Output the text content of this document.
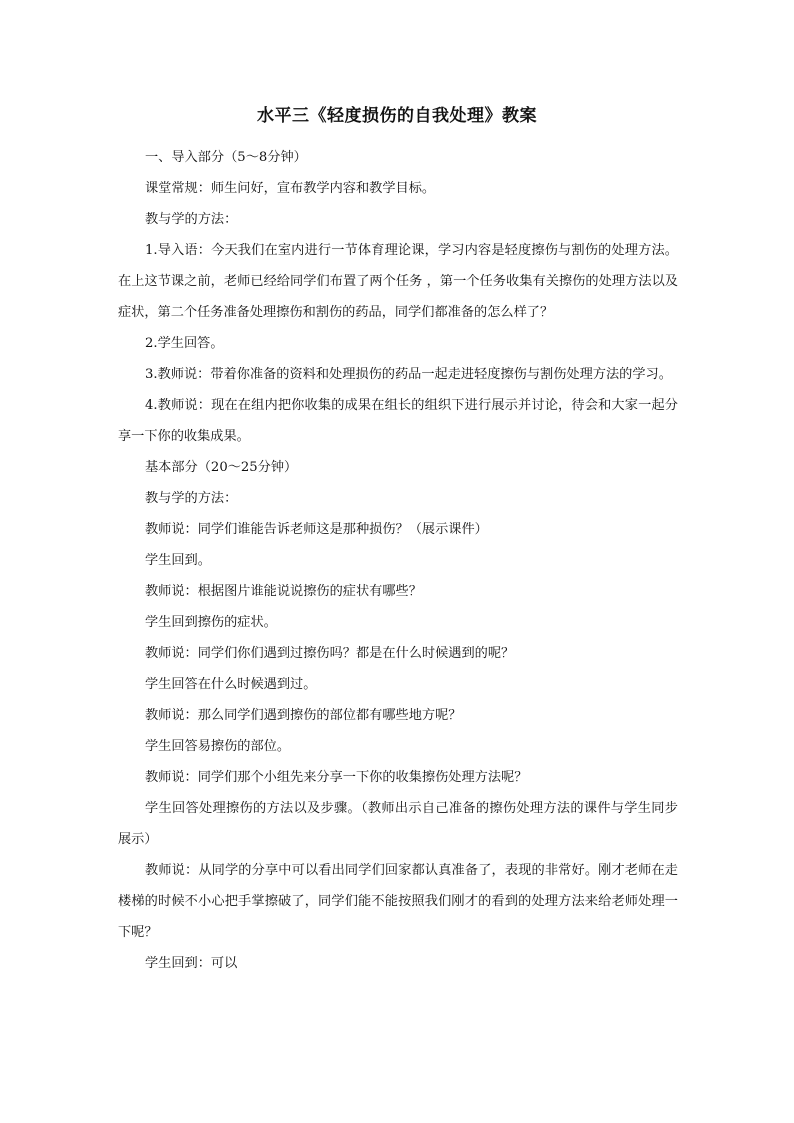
水平三《轻度损伤的自我处理》教案

一、导入部分（5～8分钟）

课堂常规：师生问好，宣布教学内容和教学目标。

教与学的方法：

1.导入语：今天我们在室内进行一节体育理论课，学习内容是轻度擦伤与割伤的处理方法。在上这节课之前，老师已经给同学们布置了两个任务 ，第一个任务收集有关擦伤的处理方法以及症状，第二个任务准备处理擦伤和割伤的药品，同学们都准备的怎么样了？

2.学生回答。

3.教师说：带着你准备的资料和处理损伤的药品一起走进轻度擦伤与割伤处理方法的学习。

4.教师说：现在在组内把你收集的成果在组长的组织下进行展示并讨论，待会和大家一起分享一下你的收集成果。

基本部分（20～25分钟）

教与学的方法：

教师说：同学们谁能告诉老师这是那种损伤？（展示课件）

学生回到。

教师说：根据图片谁能说说擦伤的症状有哪些？

学生回到擦伤的症状。

教师说：同学们你们遇到过擦伤吗？都是在什么时候遇到的呢？

学生回答在什么时候遇到过。

教师说：那么同学们遇到擦伤的部位都有哪些地方呢？

学生回答易擦伤的部位。

教师说：同学们那个小组先来分享一下你的收集擦伤处理方法呢？

学生回答处理擦伤的方法以及步骤。（教师出示自己准备的擦伤处理方法的课件与学生同步展示）

教师说：从同学的分享中可以看出同学们回家都认真准备了，表现的非常好。刚才老师在走楼梯的时候不小心把手掌擦破了，同学们能不能按照我们刚才的看到的处理方法来给老师处理一下呢？

学生回到：可以
